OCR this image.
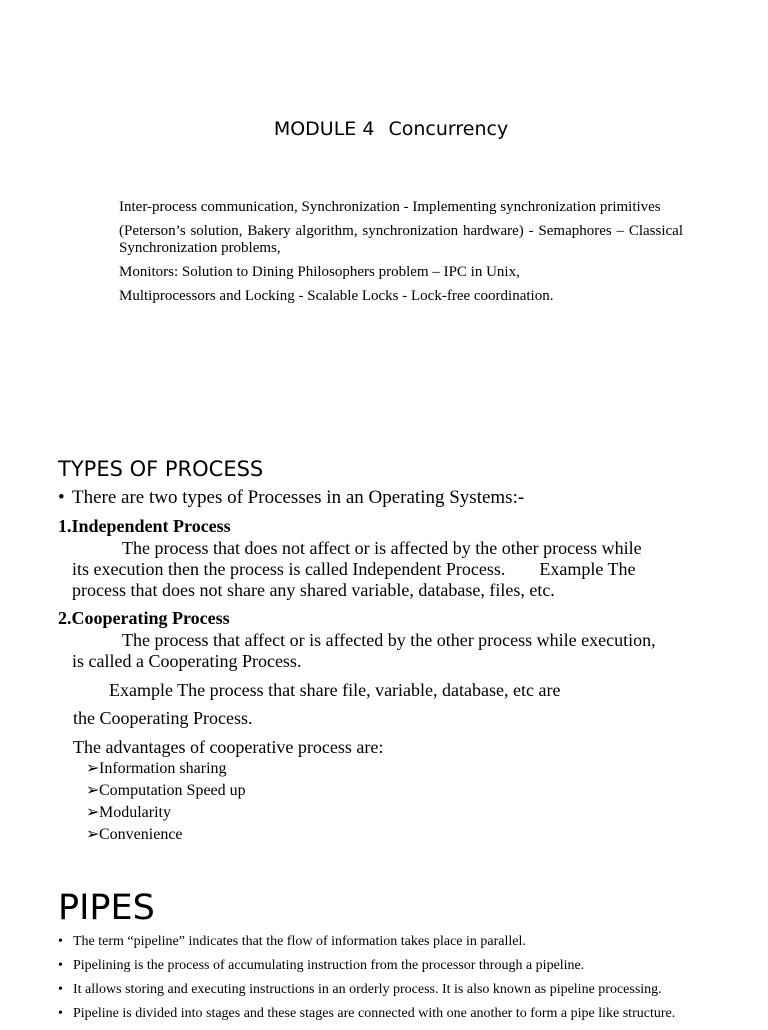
MODULE 4 Concurrency

Inter-process communication, Synchronization - Implementing synchronization primitives

(Peterson’s solution, Bakery algorithm, synchronization hardware) - Semaphores – Classical Synchronization problems,

Monitors: Solution to Dining Philosophers problem – IPC in Unix,

Multiprocessors and Locking - Scalable Locks - Lock-free coordination.

TYPES OF PROCESS
• There are two types of Processes in an Operating Systems:-
1.Independent Process
The process that does not affect or is affected by the other process while
its execution then the process is called Independent Process. Example The
process that does not share any shared variable, database, files, etc.
2.Cooperating Process
The process that affect or is affected by the other process while execution,
is called a Cooperating Process.
Example The process that share file, variable, database, etc are
the Cooperating Process.
The advantages of cooperative process are:
➢Information sharing
➢Computation Speed up
➢Modularity
➢Convenience
PIPES
• The term “pipeline” indicates that the flow of information takes place in parallel.
• Pipelining is the process of accumulating instruction from the processor through a pipeline.
• It allows storing and executing instructions in an orderly process. It is also known as pipeline processing.
• Pipeline is divided into stages and these stages are connected with one another to form a pipe like structure.
